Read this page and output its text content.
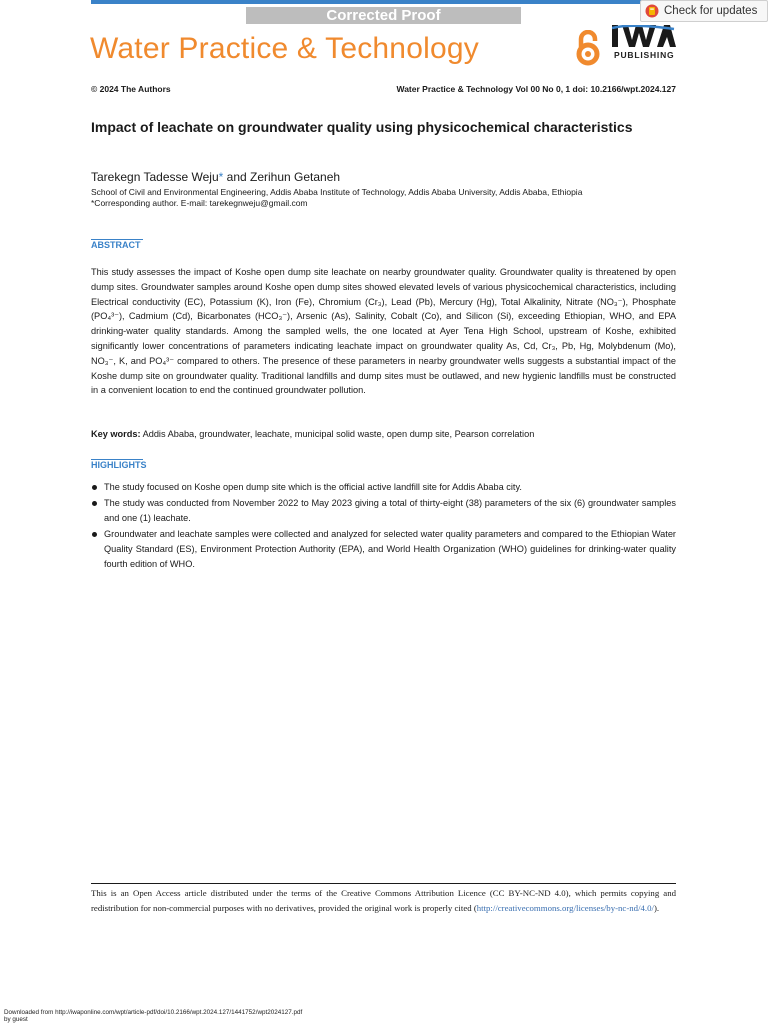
Corrected Proof	Check for updates
Water Practice & Technology	PUBLISHING
© 2024 The Authors	Water Practice & Technology Vol 00 No 0, 1 doi: 10.2166/wpt.2024.127
Impact of leachate on groundwater quality using physicochemical characteristics
Tarekegn Tadesse Weju* and Zerihun Getaneh
School of Civil and Environmental Engineering, Addis Ababa Institute of Technology, Addis Ababa University, Addis Ababa, Ethiopia
*Corresponding author. E-mail: tarekegnweju@gmail.com
ABSTRACT
This study assesses the impact of Koshe open dump site leachate on nearby groundwater quality. Groundwater quality is threatened by open dump sites. Groundwater samples around Koshe open dump sites showed elevated levels of various physicochemical characteristics, including Electrical conductivity (EC), Potassium (K), Iron (Fe), Chromium (Cr₃), Lead (Pb), Mercury (Hg), Total Alkalinity, Nitrate (NO₃⁻), Phosphate (PO₄³⁻), Cadmium (Cd), Bicarbonates (HCO₃⁻), Arsenic (As), Salinity, Cobalt (Co), and Silicon (Si), exceeding Ethiopian, WHO, and EPA drinking-water quality standards. Among the sampled wells, the one located at Ayer Tena High School, upstream of Koshe, exhibited significantly lower concentrations of parameters indicating leachate impact on groundwater quality As, Cd, Cr₃, Pb, Hg, Molybdenum (Mo), NO₃⁻, K, and PO₄³⁻ compared to others. The presence of these parameters in nearby groundwater wells suggests a substantial impact of the Koshe dump site on groundwater quality. Traditional landfills and dump sites must be outlawed, and new hygienic landfills must be constructed in a convenient location to end the continued groundwater pollution.
Key words: Addis Ababa, groundwater, leachate, municipal solid waste, open dump site, Pearson correlation
HIGHLIGHTS
The study focused on Koshe open dump site which is the official active landfill site for Addis Ababa city.
The study was conducted from November 2022 to May 2023 giving a total of thirty-eight (38) parameters of the six (6) groundwater samples and one (1) leachate.
Groundwater and leachate samples were collected and analyzed for selected water quality parameters and compared to the Ethiopian Water Quality Standard (ES), Environment Protection Authority (EPA), and World Health Organization (WHO) guidelines for drinking-water quality fourth edition of WHO.
This is an Open Access article distributed under the terms of the Creative Commons Attribution Licence (CC BY-NC-ND 4.0), which permits copying and redistribution for non-commercial purposes with no derivatives, provided the original work is properly cited (http://creativecommons.org/licenses/by-nc-nd/4.0/).
Downloaded from http://iwaponline.com/wpt/article-pdf/doi/10.2166/wpt.2024.127/1441752/wpt2024127.pdf
by guest
